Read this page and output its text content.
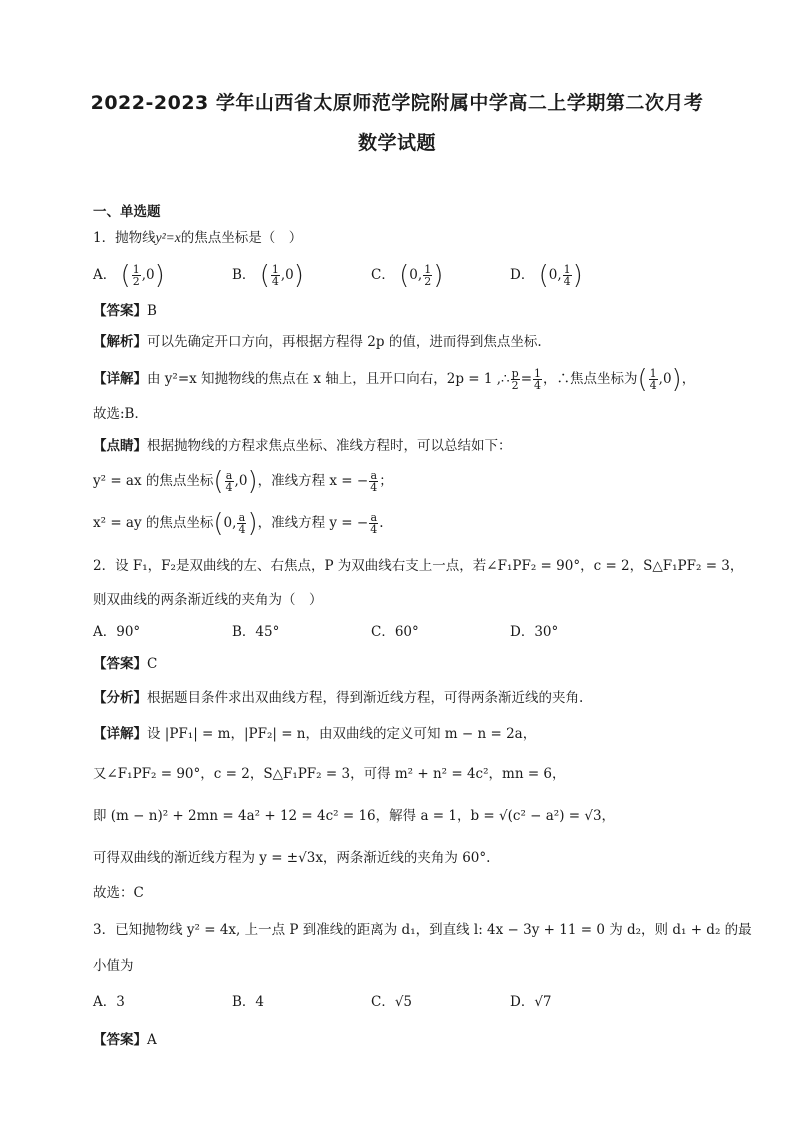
2022-2023 学年山西省太原师范学院附属中学高二上学期第二次月考
数学试题
一、单选题
1．抛物线y²=x的焦点坐标是（　）
A． ( $\frac{1}{2} ,0$)	B． ( $\frac{1}{4} ,0$)	C． (0, $\frac{1}{2}$ )	D． (0, $\frac{1}{4}$ )
【答案】B
【解析】可以先确定开口方向，再根据方程得 2p 的值，进而得到焦点坐标.
【详解】由 y²=x 知抛物线的焦点在 x 轴上，且开口向右，2p = 1 ,∴ $\frac{p}{2} = \frac{1}{4}$ ，∴焦点坐标为( $\frac{1}{4} ,0$)，
故选:B．
【点睛】根据抛物线的方程求焦点坐标、准线方程时，可以总结如下：
y² = ax 的焦点坐标( $\frac{a}{4} ,0$)，准线方程 x = − $\frac{a}{4}$ ；
x² = ay 的焦点坐标(0, $\frac{a}{4}$ )，准线方程 y = − $\frac{a}{4}$ .
2．设 F₁，F₂是双曲线的左、右焦点，P 为双曲线右支上一点，若∠F₁PF₂ = 90°，c = 2，S△F₁PF₂ = 3，
则双曲线的两条渐近线的夹角为（　）
A．90°	B．45°	C．60°	D．30°
【答案】C
【分析】根据题目条件求出双曲线方程，得到渐近线方程，可得两条渐近线的夹角.
【详解】设 |PF₁| = m，|PF₂| = n，由双曲线的定义可知 m − n = 2a，
又∠F₁PF₂ = 90°，c = 2，S△F₁PF₂ = 3，可得 m² + n² = 4c²，mn = 6，
即 (m − n)² + 2mn = 4a² + 12 = 4c² = 16，解得 a = 1，b = √(c² − a²) = √3，
可得双曲线的渐近线方程为 y = ±√3x，两条渐近线的夹角为 60°.
故选：C
3．已知抛物线 y² = 4x, 上一点 P 到准线的距离为 d₁，到直线 l: 4x − 3y + 11 = 0 为 d₂，则 d₁ + d₂ 的最
小值为
A．3	B．4	C．√5	D．√7
【答案】A
